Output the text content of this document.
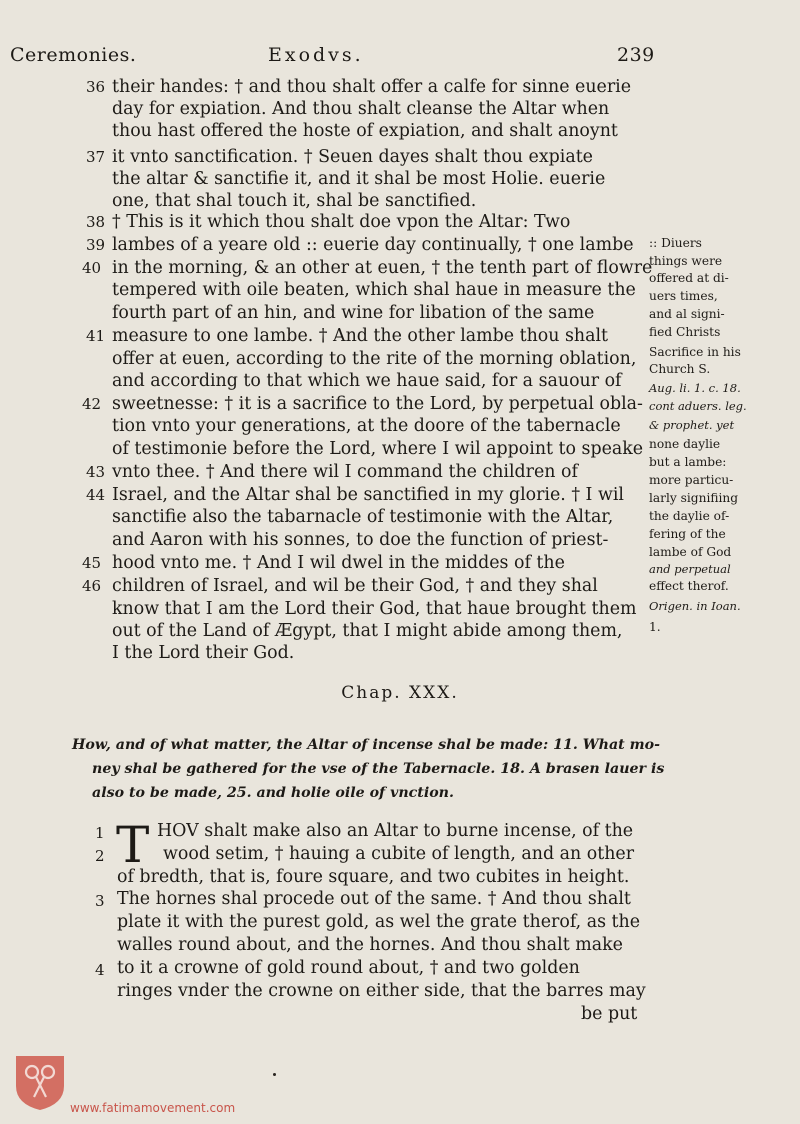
Ceremonies.	Exodvs.	239
36 their handes: † and thou shalt offer a calfe for sinne euerie
day for expiation. And thou shalt cleanse the Altar when
thou hast offered the hoste of expiation, and shalt anoynt
37 it vnto sanctification. † Seuen dayes shalt thou expiate
the altar & sanctifie it, and it shal be most Holie. euerie
one, that shal touch it, shal be sanctified.
38 † This is it which thou shalt doe vpon the Altar: Two
39 lambes of a yeare old :: euerie day continually, † one lambe
40 in the morning, & an other at euen, † the tenth part of flowre
tempered with oile beaten, which shal haue in measure the
fourth part of an hin, and wine for libation of the same
41 measure to one lambe. † And the other lambe thou shalt
offer at euen, according to the rite of the morning oblation,
and according to that which we haue said, for a sauour of
42 sweetnesse: † it is a sacrifice to the Lord, by perpetual obla-
tion vnto your generations, at the doore of the tabernacle
of testimonie before the Lord, where I wil appoint to speake
43 vnto thee. † And there wil I command the children of
44 Israel, and the Altar shal be sanctified in my glorie. † I wil
sanctifie also the tabarnacle of testimonie with the Altar,
and Aaron with his sonnes, to doe the function of priest-
45 hood vnto me. † And I wil dwel in the middes of the
46 children of Israel, and wil be their God, † and they shal
know that I am the Lord their God, that haue brought them
out of the Land of Ægypt, that I might abide among them,
I the Lord their God.
:: Diuers
things were
offered at di-
uers times,
and al signi-
fied Christs
Sacrifice in his
Church S.
Aug. li. 1. c. 18.
cont aduers. leg.
& prophet. yet
none daylie
but a lambe:
more particu-
larly signifiing
the daylie of-
fering of the
lambe of God
and perpetual
effect therof.
Origen. in Ioan.
1.
Chap. XXX.
How, and of what matter, the Altar of incense shal be made: 11. What mo-
ney shal be gathered for the vse of the Tabernacle. 18. A brasen lauer is
also to be made, 25. and holie oile of vnction.
T
1	HOV shalt make also an Altar to burne incense, of the
2	wood setim, † hauing a cubite of length, and an other
of bredth, that is, foure square, and two cubites in height.
3 The hornes shal procede out of the same. † And thou shalt
plate it with the purest gold, as wel the grate therof, as the
walles round about, and the hornes. And thou shalt make
4 to it a crowne of gold round about, † and two golden
ringes vnder the crowne on either side, that the barres may
be put
www.fatimamovement.com
